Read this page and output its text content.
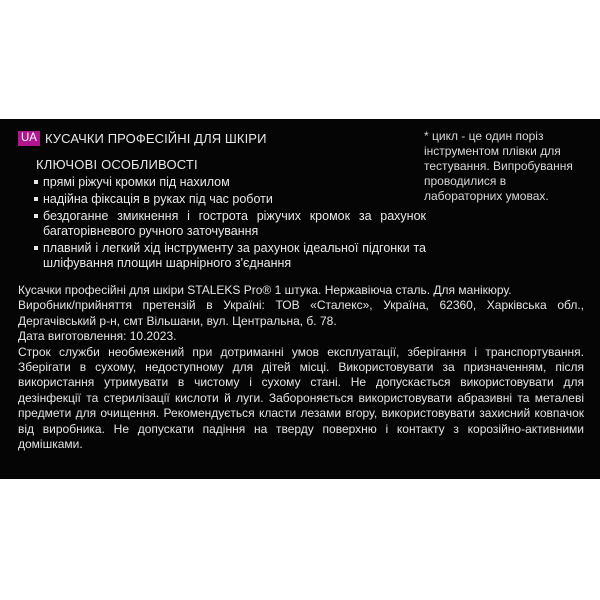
UA КУСАЧКИ ПРОФЕСІЙНІ ДЛЯ ШКІРИ	* цикл - це один поріз інструментом плівки для тестування. Випробування проводилися в лабораторних умовах.
КЛЮЧОВІ ОСОБЛИВОСТІ
прямі ріжучі кромки під нахилом
надійна фіксація в руках під час роботи
бездоганне змикнення і гострота ріжучих кромок за рахунок багаторівневого ручного заточування
плавний і легкий хід інструменту за рахунок ідеальної підгонки та шліфування площин шарнірного з'єднання

Кусачки професійні для шкіри STALEKS Pro® 1 штука. Нержавіюча сталь. Для манікюру.

Виробник/прийняття претензій в Україні: ТОВ «Сталекс», Україна, 62360, Харківська обл., Дергачівський р-н, смт Вільшани, вул. Центральна, б. 78.

Дата виготовлення: 10.2023.

Строк служби необмежений при дотриманні умов експлуатації, зберігання і транспортування. Зберігати в сухому, недоступному для дітей місці. Використовувати за призначенням, після використання утримувати в чистому і сухому стані. Не допускається використовувати для дезінфекції та стерилізації кислоти й луги. Забороняється використовувати абразивні та металеві предмети для очищення. Рекомендується класти лезами вгору, використовувати захисний ковпачок від виробника. Не допускати падіння на тверду поверхню і контакту з корозійно-активними домішками.
